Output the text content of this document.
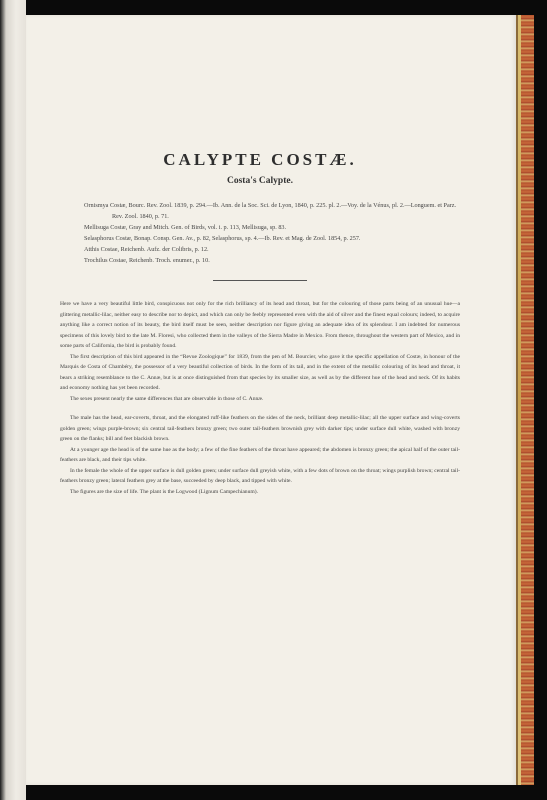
CALYPTE COSTÆ.
Costa's Calypte.
Ornismya Costæ, Bourc. Rev. Zool. 1839, p. 294.—Ib. Ann. de la Soc. Sci. de Lyon, 1840, p. 225. pl. 2.—Voy. de la Vénus, pl. 2.—Longuem. et Parz. Rev. Zool. 1840, p. 71.
Mellisuga Costæ, Gray and Mitch. Gen. of Birds, vol. i. p. 113, Mellisuga, sp. 83.
Selasphorus Costæ, Bonap. Consp. Gen. Av., p. 82, Selasphorus, sp. 4.—Ib. Rev. et Mag. de Zool. 1854, p. 257.
Atthis Costae, Reichenb. Aufz. der Colibris, p. 12.
Trochilus Costae, Reichenb. Troch. enumer., p. 10.

Here we have a very beautiful little bird, conspicuous not only for the rich brilliancy of its head and throat, but for the colouring of those parts being of an unusual hue—a glittering metallic-lilac, neither easy to describe nor to depict, and which can only be feebly represented even with the aid of silver and the finest equal colours; indeed, to acquire anything like a correct notion of its beauty, the bird itself must be seen, neither description nor figure giving an adequate idea of its splendour. I am indebted for numerous specimens of this lovely bird to the late M. Floresi, who collected them in the valleys of the Sierra Madre in Mexico. From thence, throughout the western part of Mexico, and in some parts of California, the bird is probably found.

The first description of this bird appeared in the “Revue Zoologique” for 1839, from the pen of M. Bourcier, who gave it the specific appellation of Costæ, in honour of the Marquis de Costa of Chambéry, the possessor of a very beautiful collection of birds. In the form of its tail, and in the extent of the metallic colouring of its head and throat, it bears a striking resemblance to the C. Annæ, but is at once distinguished from that species by its smaller size, as well as by the different hue of the head and neck. Of its habits and economy nothing has yet been recorded.

The sexes present nearly the same differences that are observable in those of C. Annæ.

The male has the head, ear-coverts, throat, and the elongated ruff-like feathers on the sides of the neck, brilliant deep metallic-lilac; all the upper surface and wing-coverts golden green; wings purple-brown; six central tail-feathers bronzy green; two outer tail-feathers brownish grey with darker tips; under surface dull white, washed with bronzy green on the flanks; bill and feet blackish brown.

At a younger age the head is of the same hue as the body; a few of the fine feathers of the throat have appeared; the abdomen is bronzy green; the apical half of the outer tail-feathers are black, and their tips white.

In the female the whole of the upper surface is dull golden green; under surface dull greyish white, with a few dots of brown on the throat; wings purplish brown; central tail-feathers bronzy green; lateral feathers grey at the base, succeeded by deep black, and tipped with white.

The figures are the size of life. The plant is the Logwood (Lignum Campechianum).
